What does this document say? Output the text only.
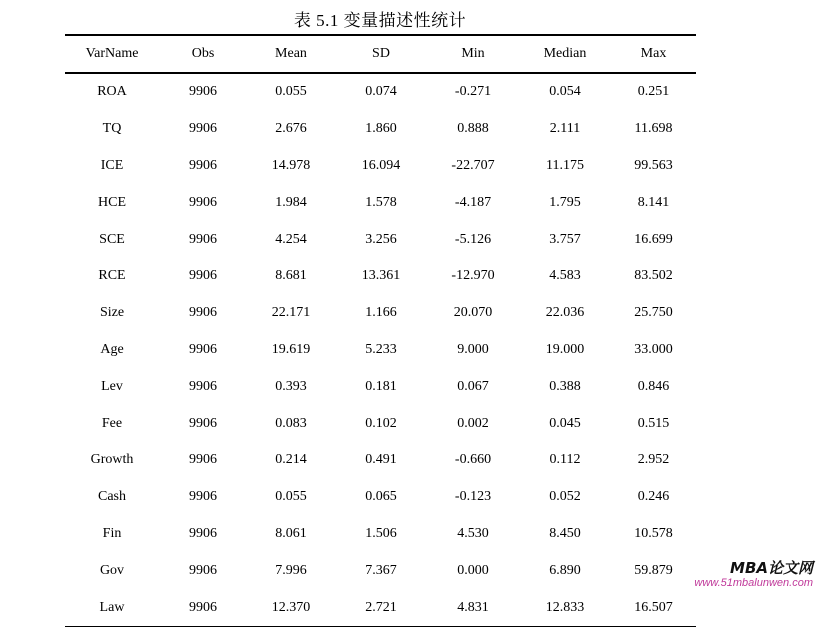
表 5.1 变量描述性统计
VarName	Obs	Mean	SD	Min	Median	Max
ROA	9906	0.055	0.074	-0.271	0.054	0.251
TQ	9906	2.676	1.860	0.888	2.111	11.698
ICE	9906	14.978	16.094	-22.707	11.175	99.563
HCE	9906	1.984	1.578	-4.187	1.795	8.141
SCE	9906	4.254	3.256	-5.126	3.757	16.699
RCE	9906	8.681	13.361	-12.970	4.583	83.502
Size	9906	22.171	1.166	20.070	22.036	25.750
Age	9906	19.619	5.233	9.000	19.000	33.000
Lev	9906	0.393	0.181	0.067	0.388	0.846
Fee	9906	0.083	0.102	0.002	0.045	0.515
Growth	9906	0.214	0.491	-0.660	0.112	2.952
Cash	9906	0.055	0.065	-0.123	0.052	0.246
Fin	9906	8.061	1.506	4.530	8.450	10.578
Gov	9906	7.996	7.367	0.000	6.890	59.879
Law	9906	12.370	2.721	4.831	12.833	16.507
MBA论文网
www.51mbalunwen.com
